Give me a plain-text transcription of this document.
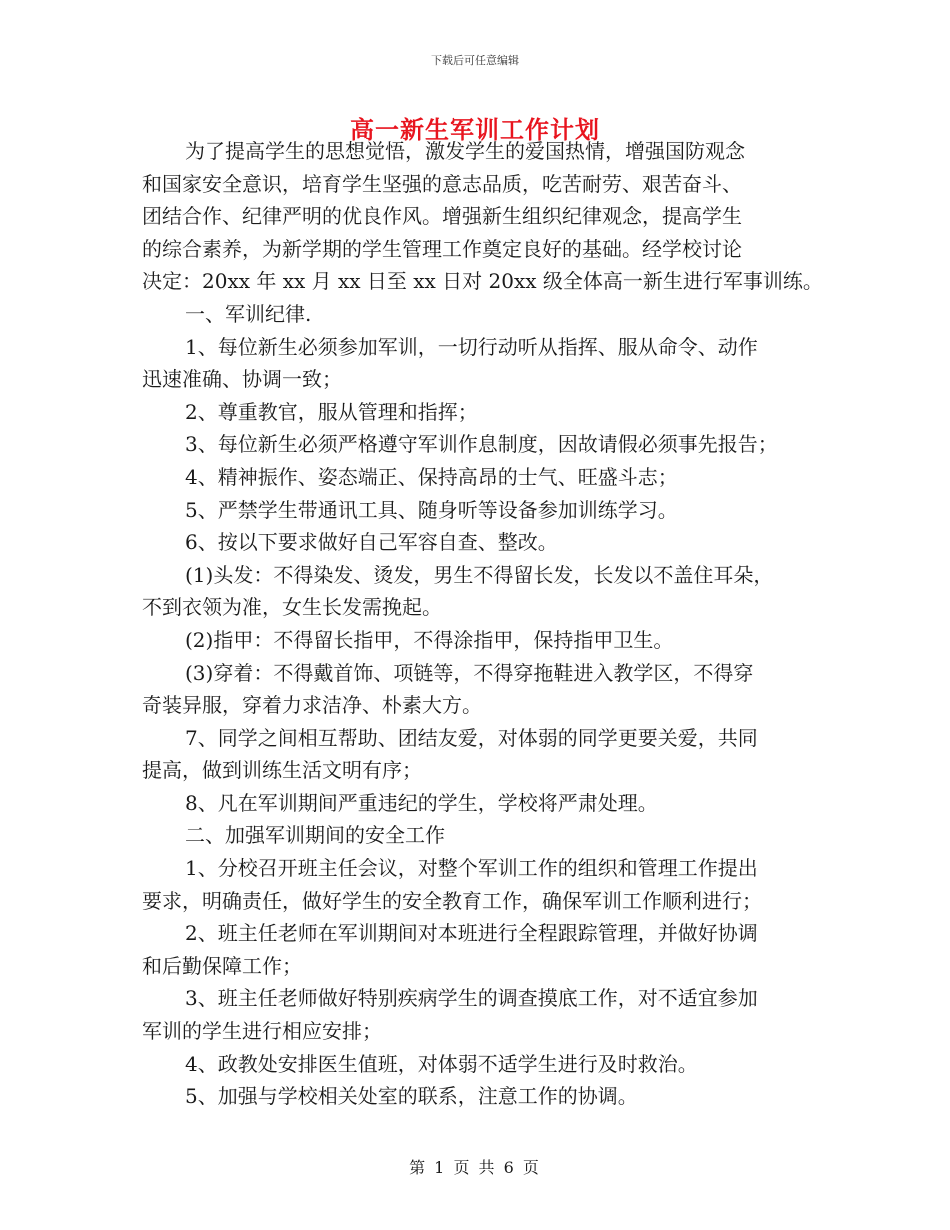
下载后可任意编辑
高一新生军训工作计划
为了提高学生的思想觉悟，激发学生的爱国热情，增强国防观念
和国家安全意识，培育学生坚强的意志品质，吃苦耐劳、艰苦奋斗、
团结合作、纪律严明的优良作风。增强新生组织纪律观念，提高学生
的综合素养，为新学期的学生管理工作奠定良好的基础。经学校讨论
决定：20xx 年 xx 月 xx 日至 xx 日对 20xx 级全体高一新生进行军事训练。
一、军训纪律.
1、每位新生必须参加军训，一切行动听从指挥、服从命令、动作
迅速准确、协调一致；
2、尊重教官，服从管理和指挥；
3、每位新生必须严格遵守军训作息制度，因故请假必须事先报告；
4、精神振作、姿态端正、保持高昂的士气、旺盛斗志；
5、严禁学生带通讯工具、随身听等设备参加训练学习。
6、按以下要求做好自己军容自查、整改。
(1)头发：不得染发、烫发，男生不得留长发，长发以不盖住耳朵，
不到衣领为准，女生长发需挽起。
(2)指甲：不得留长指甲，不得涂指甲，保持指甲卫生。
(3)穿着：不得戴首饰、项链等，不得穿拖鞋进入教学区，不得穿
奇装异服，穿着力求洁净、朴素大方。
7、同学之间相互帮助、团结友爱，对体弱的同学更要关爱，共同
提高，做到训练生活文明有序；
8、凡在军训期间严重违纪的学生，学校将严肃处理。
二、加强军训期间的安全工作
1、分校召开班主任会议，对整个军训工作的组织和管理工作提出
要求，明确责任，做好学生的安全教育工作，确保军训工作顺利进行；
2、班主任老师在军训期间对本班进行全程跟踪管理，并做好协调
和后勤保障工作；
3、班主任老师做好特别疾病学生的调查摸底工作，对不适宜参加
军训的学生进行相应安排；
4、政教处安排医生值班，对体弱不适学生进行及时救治。
5、加强与学校相关处室的联系，注意工作的协调。
第 1 页 共 6 页
